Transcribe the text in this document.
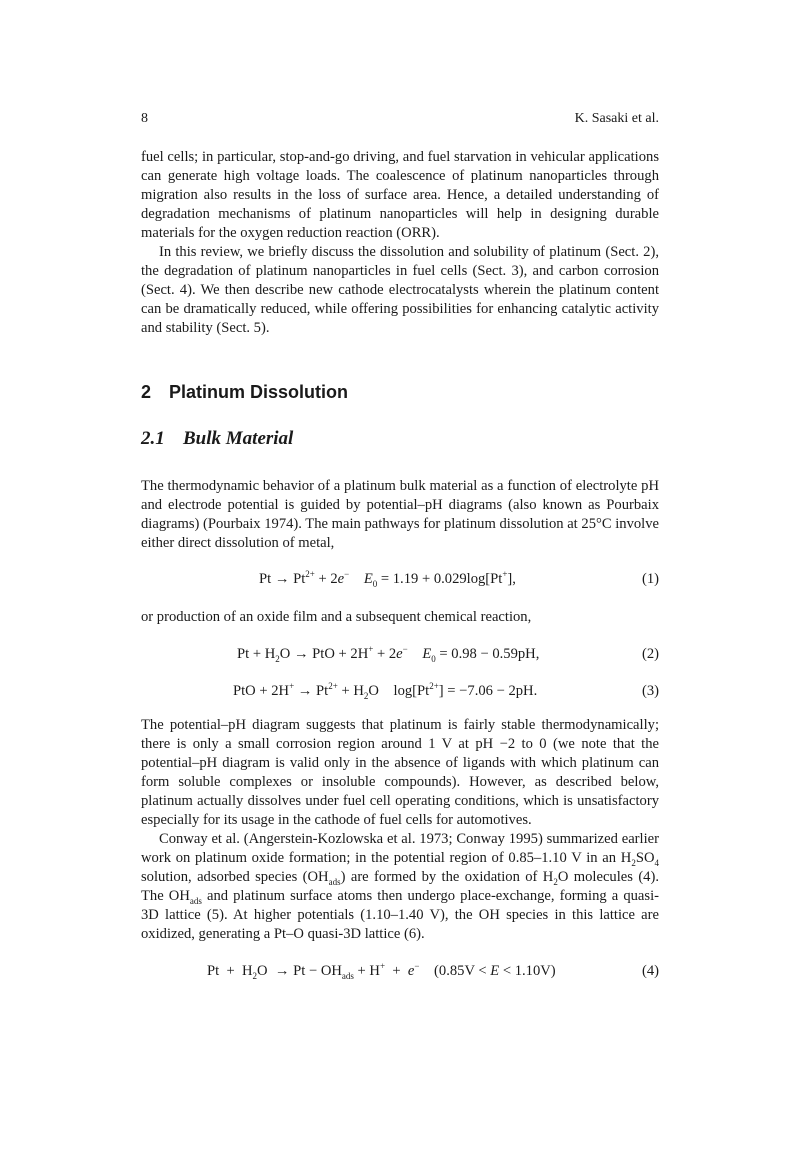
8	K. Sasaki et al.

fuel cells; in particular, stop-and-go driving, and fuel starvation in vehicular applications can generate high voltage loads. The coalescence of platinum nanoparticles through migration also results in the loss of surface area. Hence, a detailed understanding of degradation mechanisms of platinum nanoparticles will help in designing durable materials for the oxygen reduction reaction (ORR).

In this review, we briefly discuss the dissolution and solubility of platinum (Sect. 2), the degradation of platinum nanoparticles in fuel cells (Sect. 3), and carbon corrosion (Sect. 4). We then describe new cathode electrocatalysts wherein the platinum content can be dramatically reduced, while offering possibilities for enhancing catalytic activity and stability (Sect. 5).

2 Platinum Dissolution
2.1 Bulk Material

The thermodynamic behavior of a platinum bulk material as a function of electrolyte pH and electrode potential is guided by potential–pH diagrams (also known as Pourbaix diagrams) (Pourbaix 1974). The main pathways for platinum dissolution at 25°C involve either direct dissolution of metal,

$Pt \to Pt^{2+} + 2e^-$ $E_0 = 1.19 + 0.029\log[Pt^+]$,	(1)

or production of an oxide film and a subsequent chemical reaction,

$Pt + H_2O$ → PtO + 2H+ + 2e− $E_0 = 0.98 - 0.59pH$,	(2)
PtO + $2H^+ \to Pt^{2+} + H_2O$ $\log[Pt^{2+}] = -7.06 - 2pH$.	(3)

The potential–pH diagram suggests that platinum is fairly stable thermodynamically; there is only a small corrosion region around 1 V at pH −2 to 0 (we note that the potential–pH diagram is valid only in the absence of ligands with which platinum can form soluble complexes or insoluble compounds). However, as described below, platinum actually dissolves under fuel cell operating conditions, which is unsatisfactory especially for its usage in the cathode of fuel cells for automotives.

Conway et al. (Angerstein-Kozlowska et al. 1973; Conway 1995) summarized earlier work on platinum oxide formation; in the potential region of 0.85–1.10 V in an $H_2SO_4$ solution, adsorbed species $(OH_{ads})$ are formed by the oxidation of $H_2O$ molecules (4). The $OH_{ads}$ and platinum surface atoms then undergo place-exchange, forming a quasi-3D lattice (5). At higher potentials (1.10–1.40 V), the OH species in this lattice are oxidized, generating a Pt–O quasi-3D lattice (6).

$Pt + H_2O \to Pt - OH_{ads} + H^+ + e^-$ (0.85V < E < 1.10V)	(4)
